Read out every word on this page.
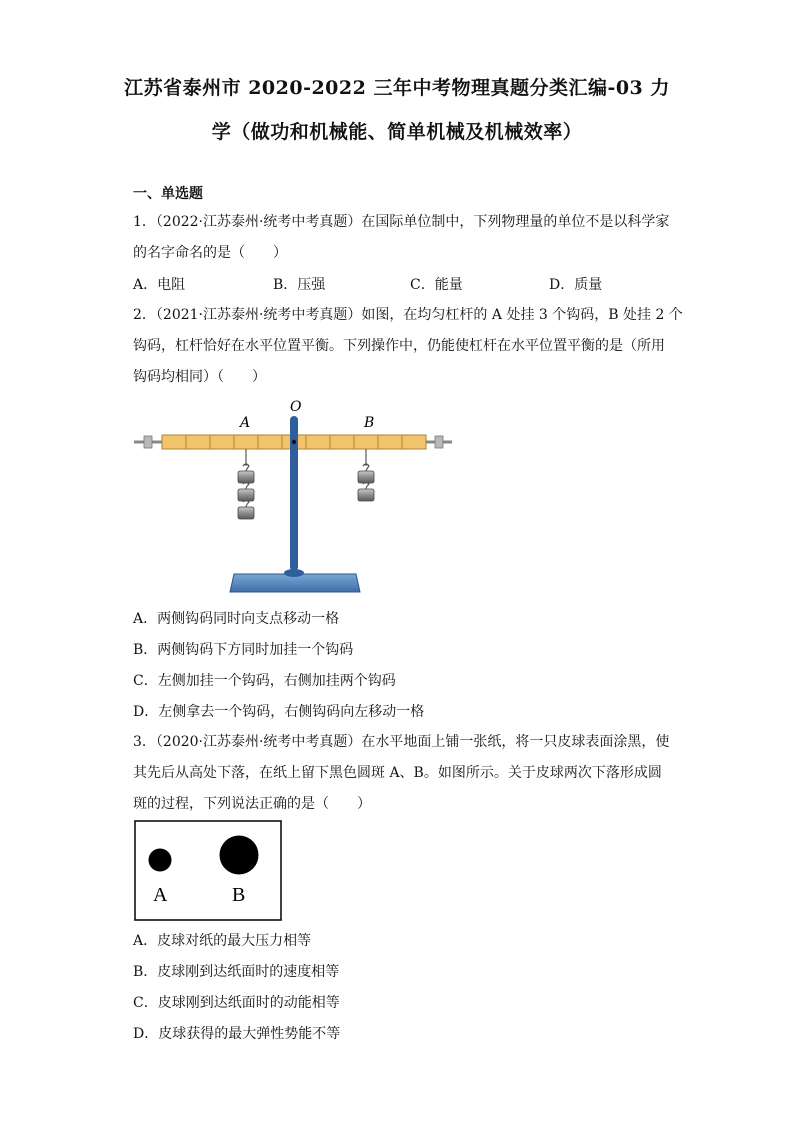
江苏省泰州市 2020-2022 三年中考物理真题分类汇编-03 力
学（做功和机械能、简单机械及机械效率）
一、单选题
1．（2022·江苏泰州·统考中考真题）在国际单位制中，下列物理量的单位不是以科学家
的名字命名的是（　　）
A．电阻	B．压强	C．能量	D．质量
2．（2021·江苏泰州·统考中考真题）如图，在均匀杠杆的 A 处挂 3 个钩码，B 处挂 2 个
钩码，杠杆恰好在水平位置平衡。下列操作中，仍能使杠杆在水平位置平衡的是（所用
钩码均相同）（　　）
O
A	B
A．两侧钩码同时向支点移动一格
B．两侧钩码下方同时加挂一个钩码
C．左侧加挂一个钩码，右侧加挂两个钩码
D．左侧拿去一个钩码，右侧钩码向左移动一格
3．（2020·江苏泰州·统考中考真题）在水平地面上铺一张纸，将一只皮球表面涂黑，使
其先后从高处下落，在纸上留下黑色圆斑 A、B。如图所示。关于皮球两次下落形成圆
斑的过程，下列说法正确的是（　　）
A	B
A．皮球对纸的最大压力相等
B．皮球刚到达纸面时的速度相等
C．皮球刚到达纸面时的动能相等
D．皮球获得的最大弹性势能不等
